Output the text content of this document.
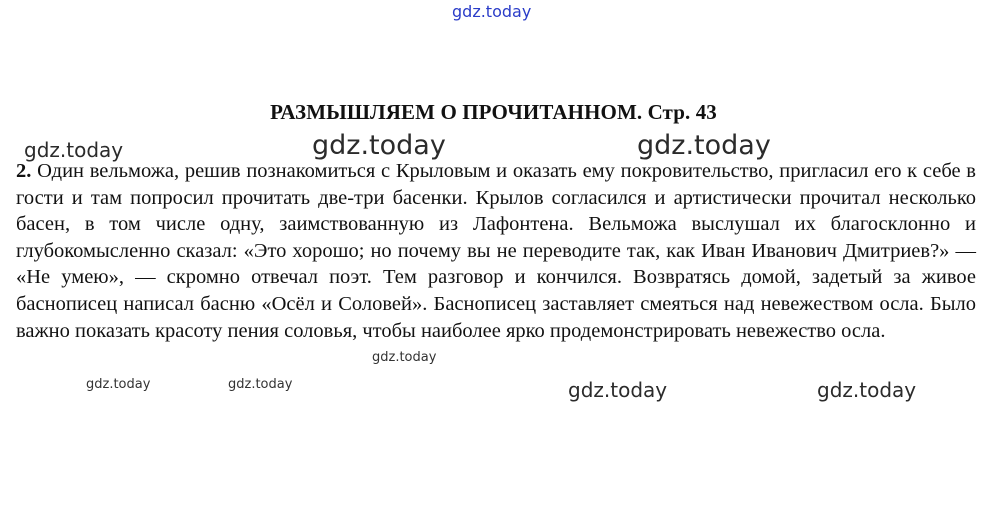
РАЗМЫШЛЯЕМ О ПРОЧИТАННОМ. Стр. 43

2. Один вельможа, решив познакомиться с Крыловым и оказать ему покровительство, пригласил его к себе в гости и там попросил прочитать две-три басенки. Крылов согласился и артистически прочитал несколько басен, в том числе одну, заимствованную из Лафонтена. Вельможа выслушал их благосклонно и глубокомысленно сказал: «Это хорошо; но почему вы не переводите так, как Иван Иванович Дмитриев?» — «Не умею», — скромно отвечал поэт. Тем разговор и кончился. Возвратясь домой, задетый за живое баснописец написал басню «Осёл и Соловей». Баснописец заставляет смеяться над невежеством осла. Было важно показать красоту пения соловья, чтобы наиболее ярко продемонстрировать невежество осла.

gdz.today
gdz.today	gdz.today	gdz.today
gdz.today
gdz.today	gdz.today	gdz.today	gdz.today
